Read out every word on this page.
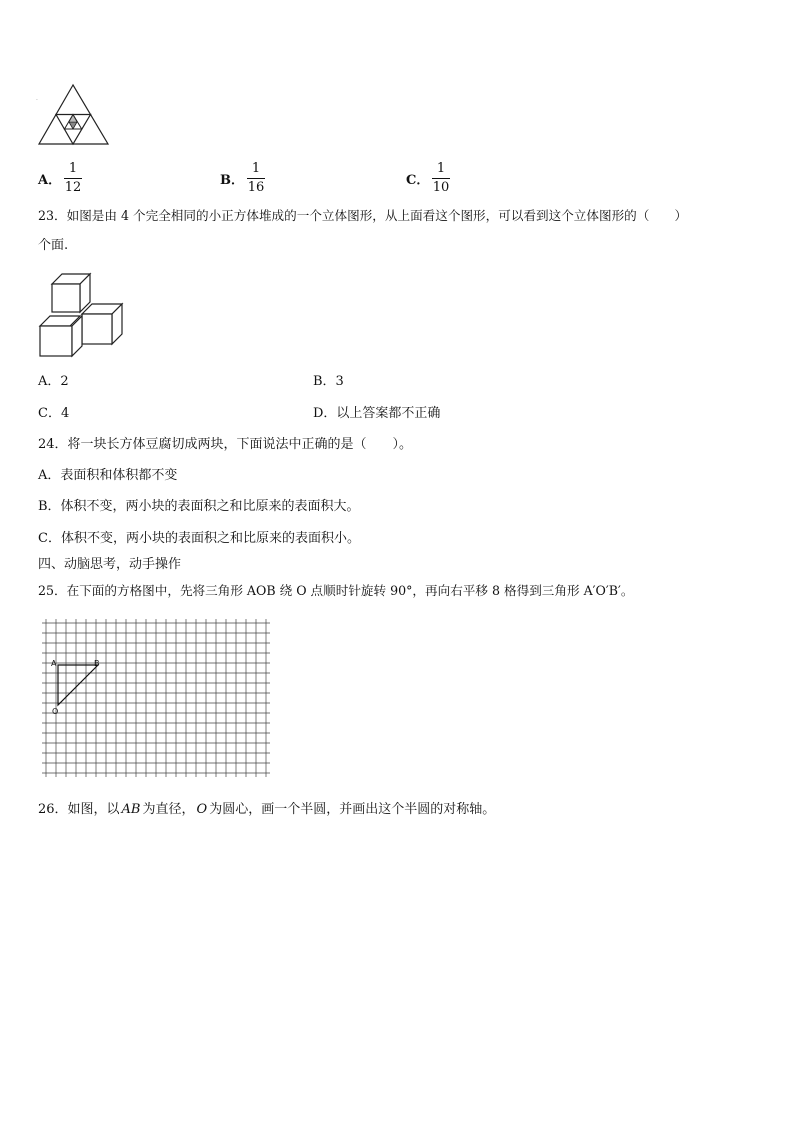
·
A．
1
12	B．
1
16	C．
1
10
23．如图是由 4 个完全相同的小正方体堆成的一个立体图形，从上面看这个图形，可以看到这个立体图形的（　　）
个面.
A．2	B．3
C．4	D．以上答案都不正确
24．将一块长方体豆腐切成两块，下面说法中正确的是（　　）。
A．表面积和体积都不变
B．体积不变，两小块的表面积之和比原来的表面积大。
C．体积不变，两小块的表面积之和比原来的表面积小。
四、动脑思考，动手操作
25．在下面的方格图中，先将三角形 AOB 绕 O 点顺时针旋转 90°，再向右平移 8 格得到三角形 A′O′B′。
A	B
O
26．如图，以 AB 为直径， O 为圆心，画一个半圆，并画出这个半圆的对称轴。
